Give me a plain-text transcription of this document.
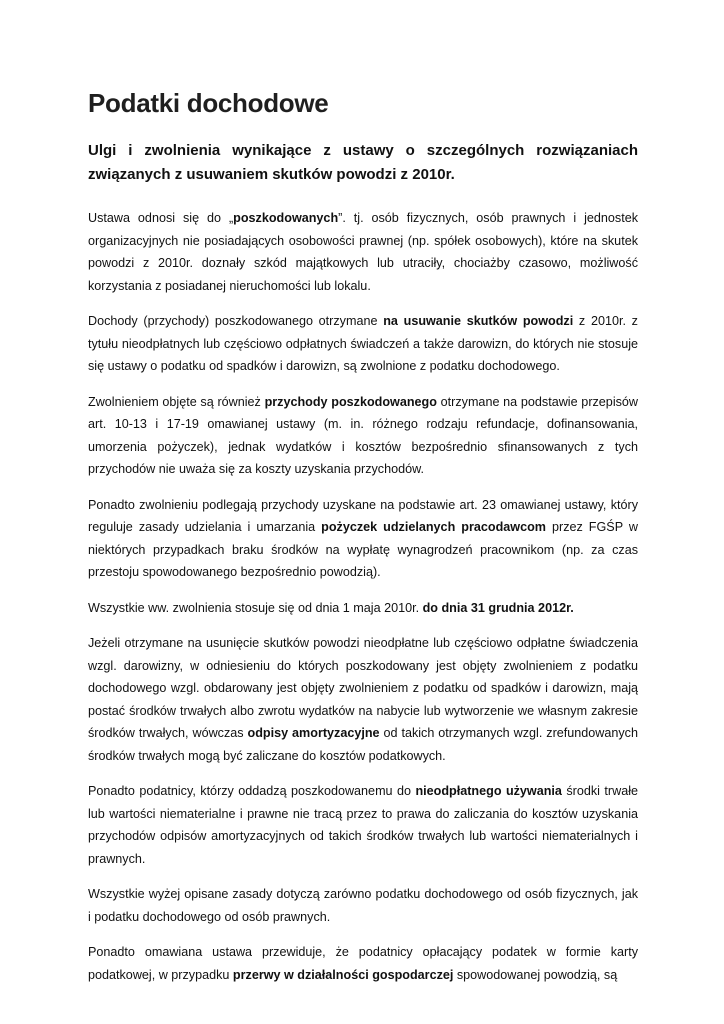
Podatki dochodowe
Ulgi i zwolnienia wynikające z ustawy o szczególnych rozwiązaniach związanych z usuwaniem skutków powodzi z 2010r.

Ustawa odnosi się do „poszkodowanych”. tj. osób fizycznych, osób prawnych i jednostek organizacyjnych nie posiadających osobowości prawnej (np. spółek osobowych), które na skutek powodzi z 2010r. doznały szkód majątkowych lub utraciły, chociażby czasowo, możliwość korzystania z posiadanej nieruchomości lub lokalu.

Dochody (przychody) poszkodowanego otrzymane na usuwanie skutków powodzi z 2010r. z tytułu nieodpłatnych lub częściowo odpłatnych świadczeń a także darowizn, do których nie stosuje się ustawy o podatku od spadków i darowizn, są zwolnione z podatku dochodowego.

Zwolnieniem objęte są również przychody poszkodowanego otrzymane na podstawie przepisów art. 10-13 i 17-19 omawianej ustawy (m. in. różnego rodzaju refundacje, dofinansowania, umorzenia pożyczek), jednak wydatków i kosztów bezpośrednio sfinansowanych z tych przychodów nie uważa się za koszty uzyskania przychodów.

Ponadto zwolnieniu podlegają przychody uzyskane na podstawie art. 23 omawianej ustawy, który reguluje zasady udzielania i umarzania pożyczek udzielanych pracodawcom przez FGŚP w niektórych przypadkach braku środków na wypłatę wynagrodzeń pracownikom (np. za czas przestoju spowodowanego bezpośrednio powodzią).

Wszystkie ww. zwolnienia stosuje się od dnia 1 maja 2010r. do dnia 31 grudnia 2012r.

Jeżeli otrzymane na usunięcie skutków powodzi nieodpłatne lub częściowo odpłatne świadczenia wzgl. darowizny, w odniesieniu do których poszkodowany jest objęty zwolnieniem z podatku dochodowego wzgl. obdarowany jest objęty zwolnieniem z podatku od spadków i darowizn, mają postać środków trwałych albo zwrotu wydatków na nabycie lub wytworzenie we własnym zakresie środków trwałych, wówczas odpisy amortyzacyjne od takich otrzymanych wzgl. zrefundowanych środków trwałych mogą być zaliczane do kosztów podatkowych.

Ponadto podatnicy, którzy oddadzą poszkodowanemu do nieodpłatnego używania środki trwałe lub wartości niematerialne i prawne nie tracą przez to prawa do zaliczania do kosztów uzyskania przychodów odpisów amortyzacyjnych od takich środków trwałych lub wartości niematerialnych i prawnych.

Wszystkie wyżej opisane zasady dotyczą zarówno podatku dochodowego od osób fizycznych, jak i podatku dochodowego od osób prawnych.

Ponadto omawiana ustawa przewiduje, że podatnicy opłacający podatek w formie karty podatkowej, w przypadku przerwy w działalności gospodarczej spowodowanej powodzią, są
